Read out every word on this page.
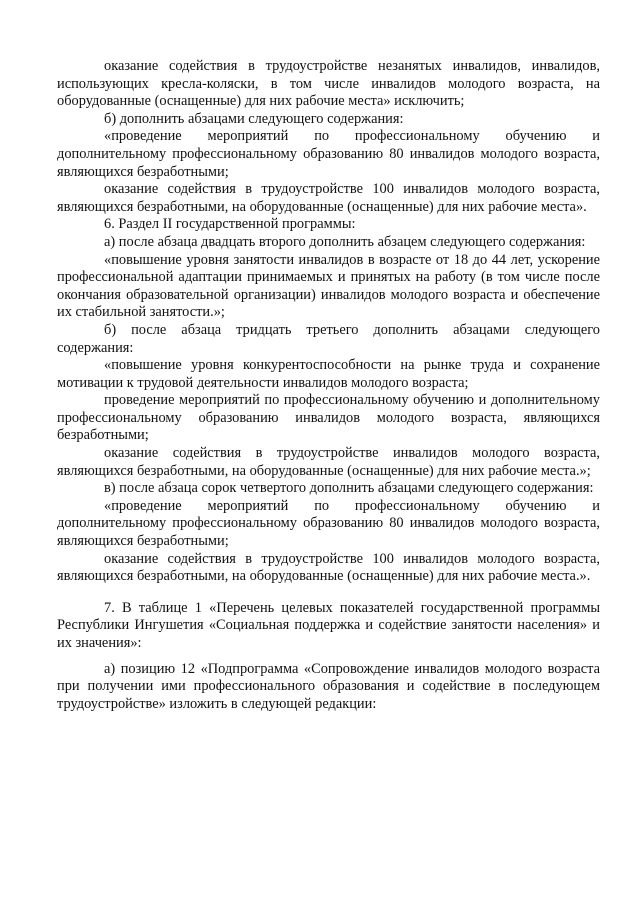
оказание содействия в трудоустройстве незанятых инвалидов, инвалидов, использующих кресла-коляски, в том числе инвалидов молодого возраста, на оборудованные (оснащенные) для них рабочие места» исключить;

б) дополнить абзацами следующего содержания:

«проведение мероприятий по профессиональному обучению и дополнительному профессиональному образованию 80 инвалидов молодого возраста, являющихся безработными;

оказание содействия в трудоустройстве 100 инвалидов молодого возраста, являющихся безработными, на оборудованные (оснащенные) для них рабочие места».

6. Раздел II государственной программы:

а) после абзаца двадцать второго дополнить абзацем следующего содержания:

«повышение уровня занятости инвалидов в возрасте от 18 до 44 лет, ускорение профессиональной адаптации принимаемых и принятых на работу (в том числе после окончания образовательной организации) инвалидов молодого возраста и обеспечение их стабильной занятости.»;

б) после абзаца тридцать третьего дополнить абзацами следующего содержания:

«повышение уровня конкурентоспособности на рынке труда и сохранение мотивации к трудовой деятельности инвалидов молодого возраста;

проведение мероприятий по профессиональному обучению и дополнительному профессиональному образованию инвалидов молодого возраста, являющихся безработными;

оказание содействия в трудоустройстве инвалидов молодого возраста, являющихся безработными, на оборудованные (оснащенные) для них рабочие места.»;

в) после абзаца сорок четвертого дополнить абзацами следующего содержания:

«проведение мероприятий по профессиональному обучению и дополнительному профессиональному образованию 80 инвалидов молодого возраста, являющихся безработными;

оказание содействия в трудоустройстве 100 инвалидов молодого возраста, являющихся безработными, на оборудованные (оснащенные) для них рабочие места.».

7. В таблице 1 «Перечень целевых показателей государственной программы Республики Ингушетия «Социальная поддержка и содействие занятости населения» и их значения»:

а) позицию 12 «Подпрограмма «Сопровождение инвалидов молодого возраста при получении ими профессионального образования и содействие в последующем трудоустройстве» изложить в следующей редакции:
